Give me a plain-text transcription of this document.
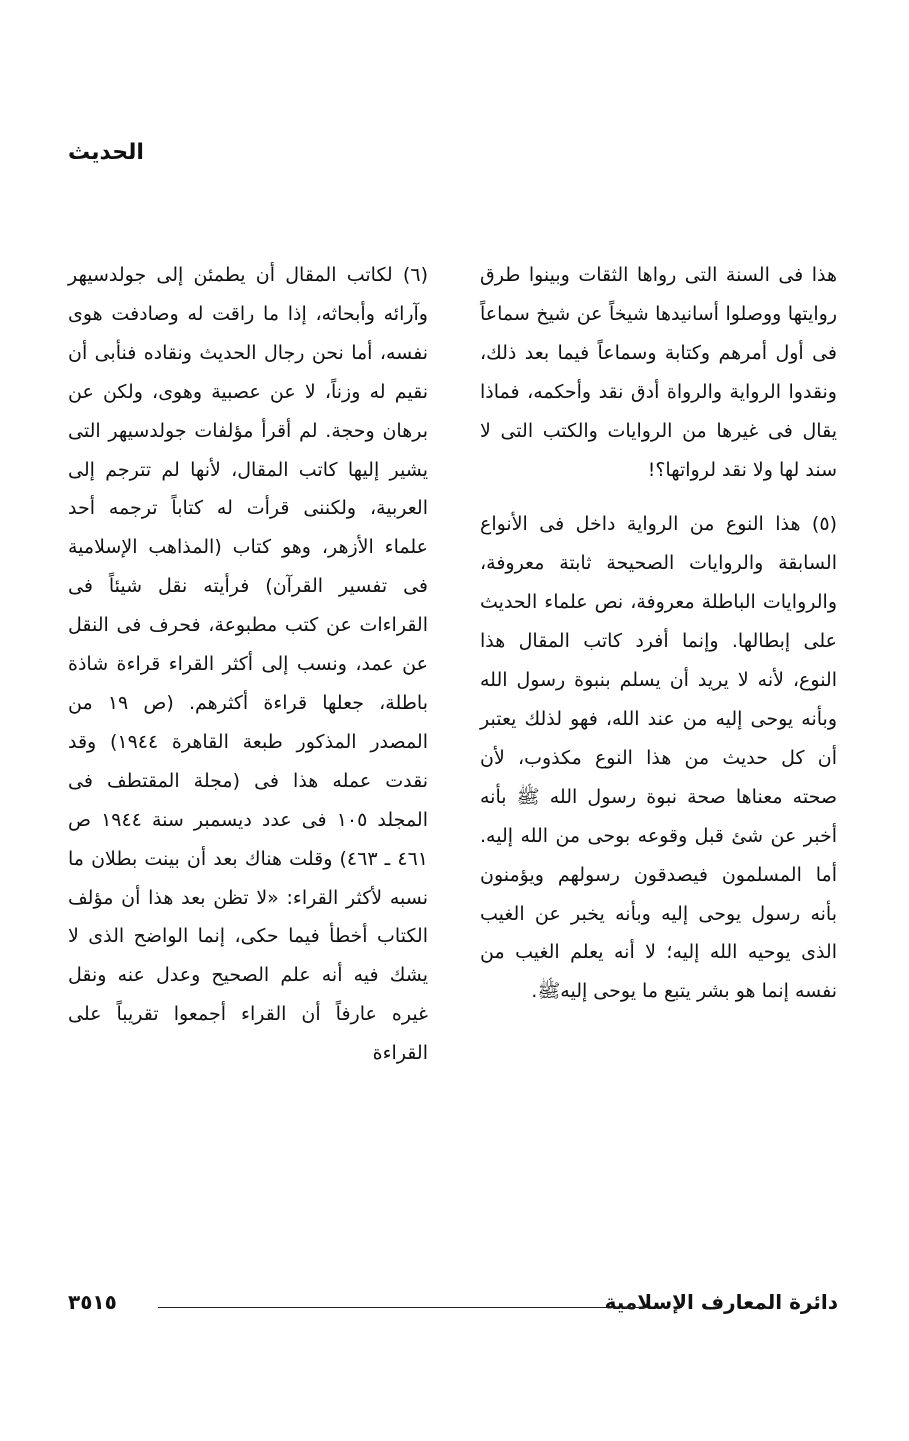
الحديث

هذا فى السنة التى رواها الثقات وبينوا طرق روايتها ووصلوا أسانيدها شيخاً عن شيخ سماعاً فى أول أمرهم وكتابة وسماعاً فيما بعد ذلك، ونقدوا الرواية والرواة أدق نقد وأحكمه، فماذا يقال فى غيرها من الروايات والكتب التى لا سند لها ولا نقد لرواتها؟!

(٥) هذا النوع من الرواية داخل فى الأنواع السابقة والروايات الصحيحة ثابتة معروفة، والروايات الباطلة معروفة، نص علماء الحديث على إبطالها. وإنما أفرد كاتب المقال هذا النوع، لأنه لا يريد أن يسلم بنبوة رسول الله وبأنه يوحى إليه من عند الله، فهو لذلك يعتبر أن كل حديث من هذا النوع مكذوب، لأن صحته معناها صحة نبوة رسول الله ﷺ بأنه أخبر عن شئ قبل وقوعه بوحى من الله إليه. أما المسلمون فيصدقون رسولهم ويؤمنون بأنه رسول يوحى إليه وبأنه يخبر عن الغيب الذى يوحيه الله إليه؛ لا أنه يعلم الغيب من نفسه إنما هو بشر يتبع ما يوحى إليهﷺ.

(٦) لكاتب المقال أن يطمئن إلى جولدسيهر وآرائه وأبحاثه، إذا ما راقت له وصادفت هوى نفسه، أما نحن رجال الحديث ونقاده فنأبى أن نقيم له وزناً، لا عن عصبية وهوى، ولكن عن برهان وحجة. لم أقرأ مؤلفات جولدسيهر التى يشير إليها كاتب المقال، لأنها لم تترجم إلى العربية، ولكننى قرأت له كتاباً ترجمه أحد علماء الأزهر، وهو كتاب (المذاهب الإسلامية فى تفسير القرآن) فرأيته نقل شيئاً فى القراءات عن كتب مطبوعة، فحرف فى النقل عن عمد، ونسب إلى أكثر القراء قراءة شاذة باطلة، جعلها قراءة أكثرهم. (ص ١٩ من المصدر المذكور طبعة القاهرة ١٩٤٤) وقد نقدت عمله هذا فى (مجلة المقتطف فى المجلد ١٠٥ فى عدد ديسمبر سنة ١٩٤٤ ص ٤٦١ ـ ٤٦٣) وقلت هناك بعد أن بينت بطلان ما نسبه لأكثر القراء: «لا تظن بعد هذا أن مؤلف الكتاب أخطأ فيما حكى، إنما الواضح الذى لا يشك فيه أنه علم الصحيح وعدل عنه ونقل غيره عارفاً أن القراء أجمعوا تقريباً على القراءة

دائرة المعارف الإسلامية
٣٥١٥
